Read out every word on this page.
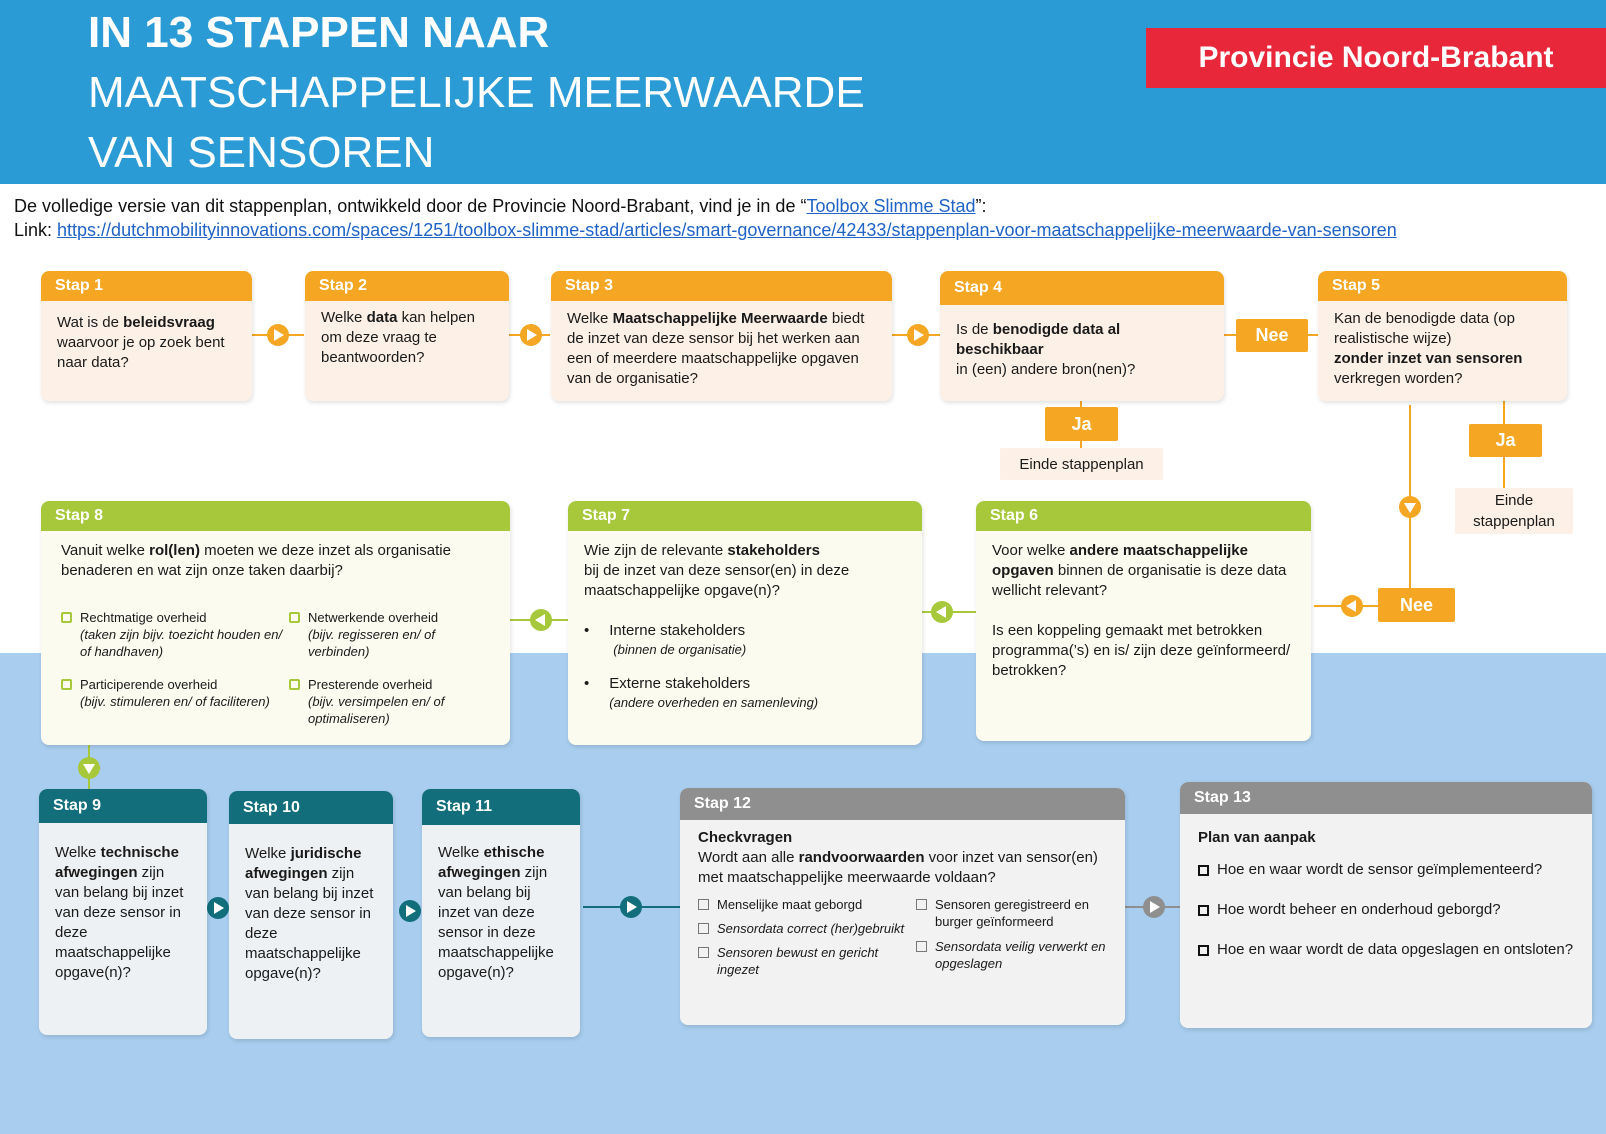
IN 13 STAPPEN NAAR
MAATSCHAPPELIJKE MEERWAARDE
VAN SENSOREN
Provincie Noord-Brabant
De volledige versie van dit stappenplan, ontwikkeld door de Provincie Noord-Brabant, vind je in de “Toolbox Slimme Stad”:
Link: https://dutchmobilityinnovations.com/spaces/1251/toolbox-slimme-stad/articles/smart-governance/42433/stappenplan-voor-maatschappelijke-meerwaarde-van-sensoren
Stap 1
Wat is de beleidsvraag
waarvoor je op zoek bent naar data?
Stap 2
Welke data kan helpen om deze vraag te beantwoorden?
Stap 3
Welke Maatschappelijke Meerwaarde biedt de inzet van deze sensor bij het werken aan een of meerdere maatschappelijke opgaven van de organisatie?
Stap 4
Is de benodigde data al beschikbaar
in (een) andere bron(nen)?
Stap 5
Kan de benodigde data (op realistische wijze)
zonder inzet van sensoren
verkregen worden?
Nee
Ja
Einde stappenplan
Ja
Einde stappenplan
Nee
Stap 6
Voor welke andere maatschappelijke opgaven binnen de organisatie is deze data wellicht relevant?
Is een koppeling gemaakt met betrokken programma(’s) en is/ zijn deze geïnformeerd/ betrokken?
Stap 7
Wie zijn de relevante stakeholders
bij de inzet van deze sensor(en) in deze maatschappelijke opgave(n)?
• Interne stakeholders
(binnen de organisatie)
• Externe stakeholders
(andere overheden en samenleving)
Stap 8
Vanuit welke rol(len) moeten we deze inzet als organisatie benaderen en wat zijn onze taken daarbij?
Rechtmatige overheid
(taken zijn bijv. toezicht houden en/ of handhaven)
Netwerkende overheid
(bijv. regisseren en/ of verbinden)
Participerende overheid
(bijv. stimuleren en/ of faciliteren)
Presterende overheid
(bijv. versimpelen en/ of optimaliseren)
Stap 9
Welke technische afwegingen zijn van belang bij inzet van deze sensor in deze maatschappelijke opgave(n)?
Stap 10
Welke juridische afwegingen zijn van belang bij inzet van deze sensor in deze maatschappelijke opgave(n)?
Stap 11
Welke ethische afwegingen zijn van belang bij inzet van deze sensor in deze maatschappelijke opgave(n)?
Stap 12
Checkvragen
Wordt aan alle randvoorwaarden voor inzet van sensor(en) met maatschappelijke meerwaarde voldaan?
Menselijke maat geborgd
Sensordata correct (her)gebruikt
Sensoren bewust en gericht ingezet
Sensoren geregistreerd en burger geïnformeerd
Sensordata veilig verwerkt en opgeslagen
Stap 13
Plan van aanpak
Hoe en waar wordt de sensor geïmplementeerd?
Hoe wordt beheer en onderhoud geborgd?
Hoe en waar wordt de data opgeslagen en ontsloten?
